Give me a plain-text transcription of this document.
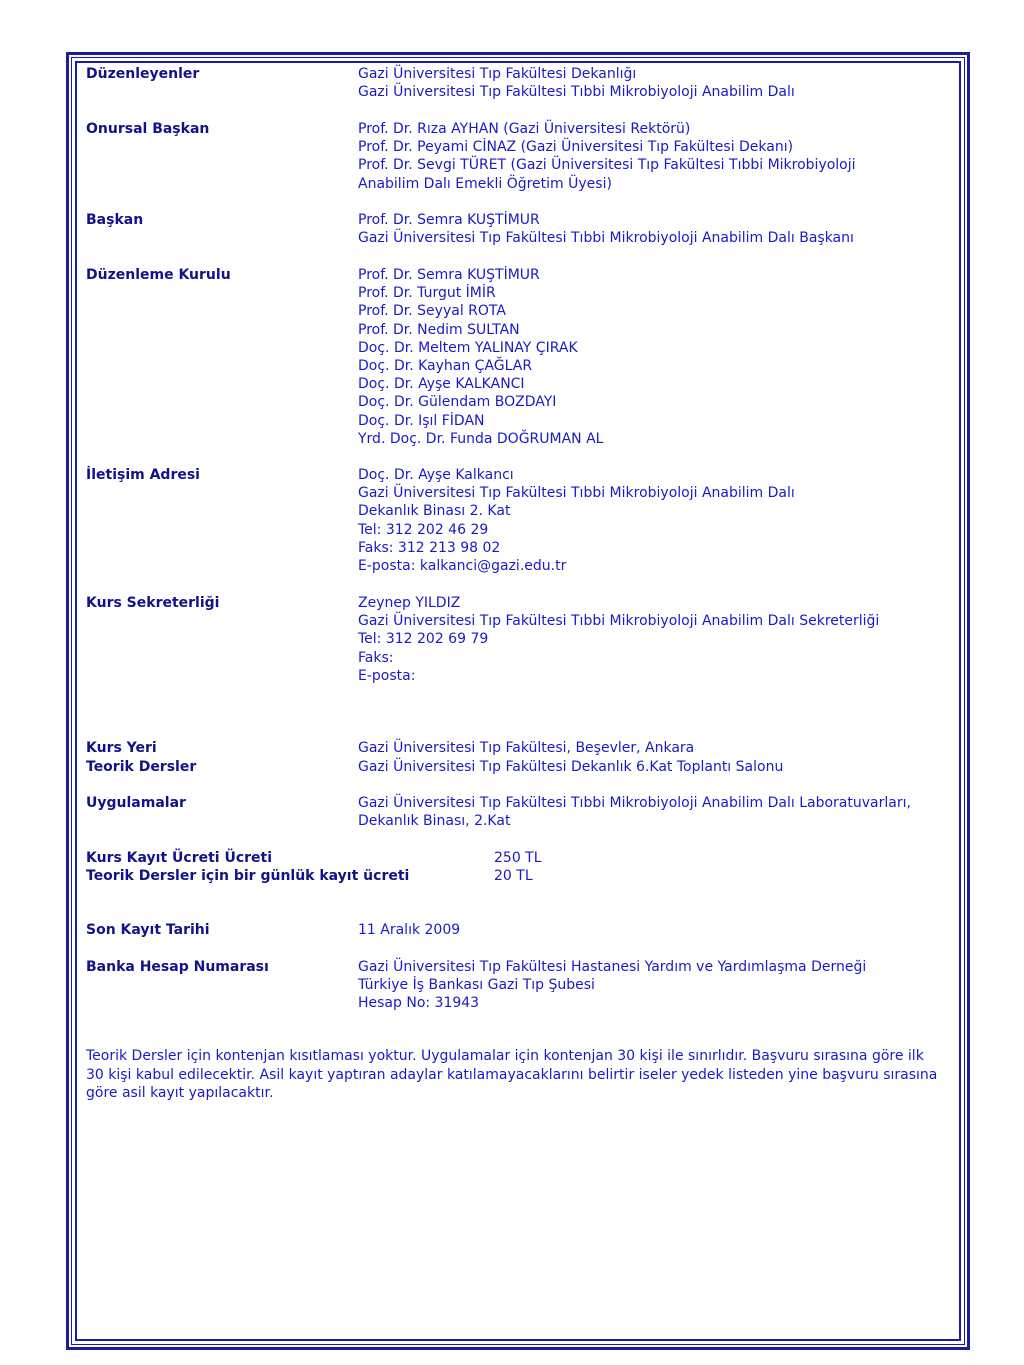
Düzenleyenler	Gazi Üniversitesi Tıp Fakültesi Dekanlığı
Gazi Üniversitesi Tıp Fakültesi Tıbbi Mikrobiyoloji Anabilim Dalı
Onursal Başkan	Prof. Dr. Rıza AYHAN (Gazi Üniversitesi Rektörü)
Prof. Dr. Peyami CİNAZ (Gazi Üniversitesi Tıp Fakültesi Dekanı)
Prof. Dr. Sevgi TÜRET (Gazi Üniversitesi Tıp Fakültesi Tıbbi Mikrobiyoloji
Anabilim Dalı Emekli Öğretim Üyesi)
Başkan	Prof. Dr. Semra KUŞTİMUR
Gazi Üniversitesi Tıp Fakültesi Tıbbi Mikrobiyoloji Anabilim Dalı Başkanı
Düzenleme Kurulu	Prof. Dr. Semra KUŞTİMUR
Prof. Dr. Turgut İMİR
Prof. Dr. Seyyal ROTA
Prof. Dr. Nedim SULTAN
Doç. Dr. Meltem YALINAY ÇIRAK
Doç. Dr. Kayhan ÇAĞLAR
Doç. Dr. Ayşe KALKANCI
Doç. Dr. Gülendam BOZDAYI
Doç. Dr. Işıl FİDAN
Yrd. Doç. Dr. Funda DOĞRUMAN AL
İletişim Adresi	Doç. Dr. Ayşe Kalkancı
Gazi Üniversitesi Tıp Fakültesi Tıbbi Mikrobiyoloji Anabilim Dalı
Dekanlık Binası 2. Kat
Tel: 312 202 46 29
Faks: 312 213 98 02
E-posta: kalkanci@gazi.edu.tr
Kurs Sekreterliği	Zeynep YILDIZ
Gazi Üniversitesi Tıp Fakültesi Tıbbi Mikrobiyoloji Anabilim Dalı Sekreterliği
Tel: 312 202 69 79
Faks:
E-posta:
Kurs Yeri	Gazi Üniversitesi Tıp Fakültesi, Beşevler, Ankara
Teorik Dersler	Gazi Üniversitesi Tıp Fakültesi Dekanlık 6.Kat Toplantı Salonu
Uygulamalar	Gazi Üniversitesi Tıp Fakültesi Tıbbi Mikrobiyoloji Anabilim Dalı Laboratuvarları,
Dekanlık Binası, 2.Kat
Kurs Kayıt Ücreti Ücreti	250 TL
Teorik Dersler için bir günlük kayıt ücreti	20 TL
Son Kayıt Tarihi	11 Aralık 2009
Banka Hesap Numarası	Gazi Üniversitesi Tıp Fakültesi Hastanesi Yardım ve Yardımlaşma Derneği
Türkiye İş Bankası Gazi Tıp Şubesi
Hesap No: 31943
Teorik Dersler için kontenjan kısıtlaması yoktur. Uygulamalar için kontenjan 30 kişi ile sınırlıdır. Başvuru sırasına göre ilk
30 kişi kabul edilecektir. Asil kayıt yaptıran adaylar katılamayacaklarını belirtir iseler yedek listeden yine başvuru sırasına
göre asil kayıt yapılacaktır.
